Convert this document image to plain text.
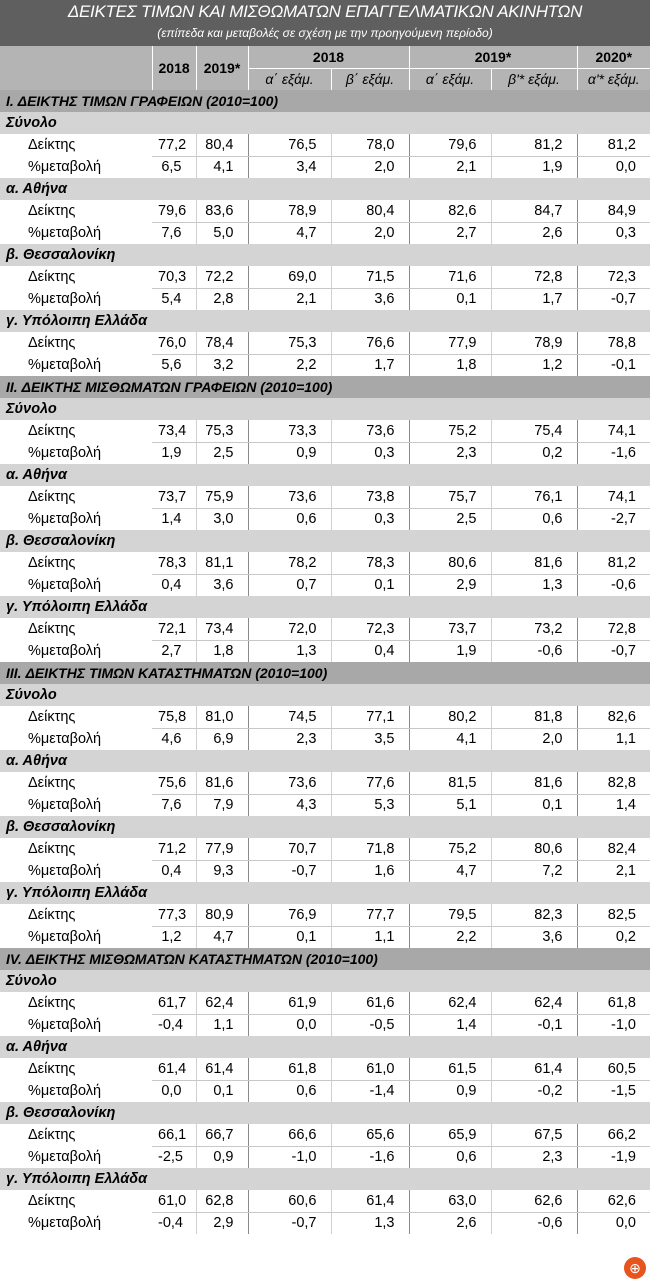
ΔΕΙΚΤΕΣ ΤΙΜΩΝ ΚΑΙ ΜΙΣΘΩΜΑΤΩΝ ΕΠΑΓΓΕΛΜΑΤΙΚΩΝ ΑΚΙΝΗΤΩΝ
(επίπεδα και μεταβολές σε σχέση με την προηγούμενη περίοδο)
	2018	2019*	2018		2019*		2020*
			α΄ εξάμ.	β΄ εξάμ.	α΄ εξάμ.	β'* εξάμ.	α'* εξάμ.
I. ΔΕΙΚΤΗΣ ΤΙΜΩΝ ΓΡΑΦΕΙΩΝ (2010=100)							
Σύνολο							
Δείκτης	77,2	80,4	76,5	78,0	79,6	81,2	81,2
%μεταβολή	6,5	4,1	3,4	2,0	2,1	1,9	0,0
α. Αθήνα							
Δείκτης	79,6	83,6	78,9	80,4	82,6	84,7	84,9
%μεταβολή	7,6	5,0	4,7	2,0	2,7	2,6	0,3
β. Θεσσαλονίκη							
Δείκτης	70,3	72,2	69,0	71,5	71,6	72,8	72,3
%μεταβολή	5,4	2,8	2,1	3,6	0,1	1,7	-0,7
γ. Υπόλοιπη Ελλάδα							
Δείκτης	76,0	78,4	75,3	76,6	77,9	78,9	78,8
%μεταβολή	5,6	3,2	2,2	1,7	1,8	1,2	-0,1
II. ΔΕΙΚΤΗΣ ΜΙΣΘΩΜΑΤΩΝ ΓΡΑΦΕΙΩΝ (2010=100)							
Σύνολο							
Δείκτης	73,4	75,3	73,3	73,6	75,2	75,4	74,1
%μεταβολή	1,9	2,5	0,9	0,3	2,3	0,2	-1,6
α. Αθήνα							
Δείκτης	73,7	75,9	73,6	73,8	75,7	76,1	74,1
%μεταβολή	1,4	3,0	0,6	0,3	2,5	0,6	-2,7
β. Θεσσαλονίκη							
Δείκτης	78,3	81,1	78,2	78,3	80,6	81,6	81,2
%μεταβολή	0,4	3,6	0,7	0,1	2,9	1,3	-0,6
γ. Υπόλοιπη Ελλάδα							
Δείκτης	72,1	73,4	72,0	72,3	73,7	73,2	72,8
%μεταβολή	2,7	1,8	1,3	0,4	1,9	-0,6	-0,7
III. ΔΕΙΚΤΗΣ ΤΙΜΩΝ ΚΑΤΑΣΤΗΜΑΤΩΝ (2010=100)							
Σύνολο							
Δείκτης	75,8	81,0	74,5	77,1	80,2	81,8	82,6
%μεταβολή	4,6	6,9	2,3	3,5	4,1	2,0	1,1
α. Αθήνα							
Δείκτης	75,6	81,6	73,6	77,6	81,5	81,6	82,8
%μεταβολή	7,6	7,9	4,3	5,3	5,1	0,1	1,4
β. Θεσσαλονίκη							
Δείκτης	71,2	77,9	70,7	71,8	75,2	80,6	82,4
%μεταβολή	0,4	9,3	-0,7	1,6	4,7	7,2	2,1
γ. Υπόλοιπη Ελλάδα							
Δείκτης	77,3	80,9	76,9	77,7	79,5	82,3	82,5
%μεταβολή	1,2	4,7	0,1	1,1	2,2	3,6	0,2
IV. ΔΕΙΚΤΗΣ ΜΙΣΘΩΜΑΤΩΝ ΚΑΤΑΣΤΗΜΑΤΩΝ (2010=100)							
Σύνολο							
Δείκτης	61,7	62,4	61,9	61,6	62,4	62,4	61,8
%μεταβολή	-0,4	1,1	0,0	-0,5	1,4	-0,1	-1,0
α. Αθήνα							
Δείκτης	61,4	61,4	61,8	61,0	61,5	61,4	60,5
%μεταβολή	0,0	0,1	0,6	-1,4	0,9	-0,2	-1,5
β. Θεσσαλονίκη							
Δείκτης	66,1	66,7	66,6	65,6	65,9	67,5	66,2
%μεταβολή	-2,5	0,9	-1,0	-1,6	0,6	2,3	-1,9
γ. Υπόλοιπη Ελλάδα							
Δείκτης	61,0	62,8	60,6	61,4	63,0	62,6	62,6
%μεταβολή	-0,4	2,9	-0,7	1,3	2,6	-0,6	0,0
⊕
